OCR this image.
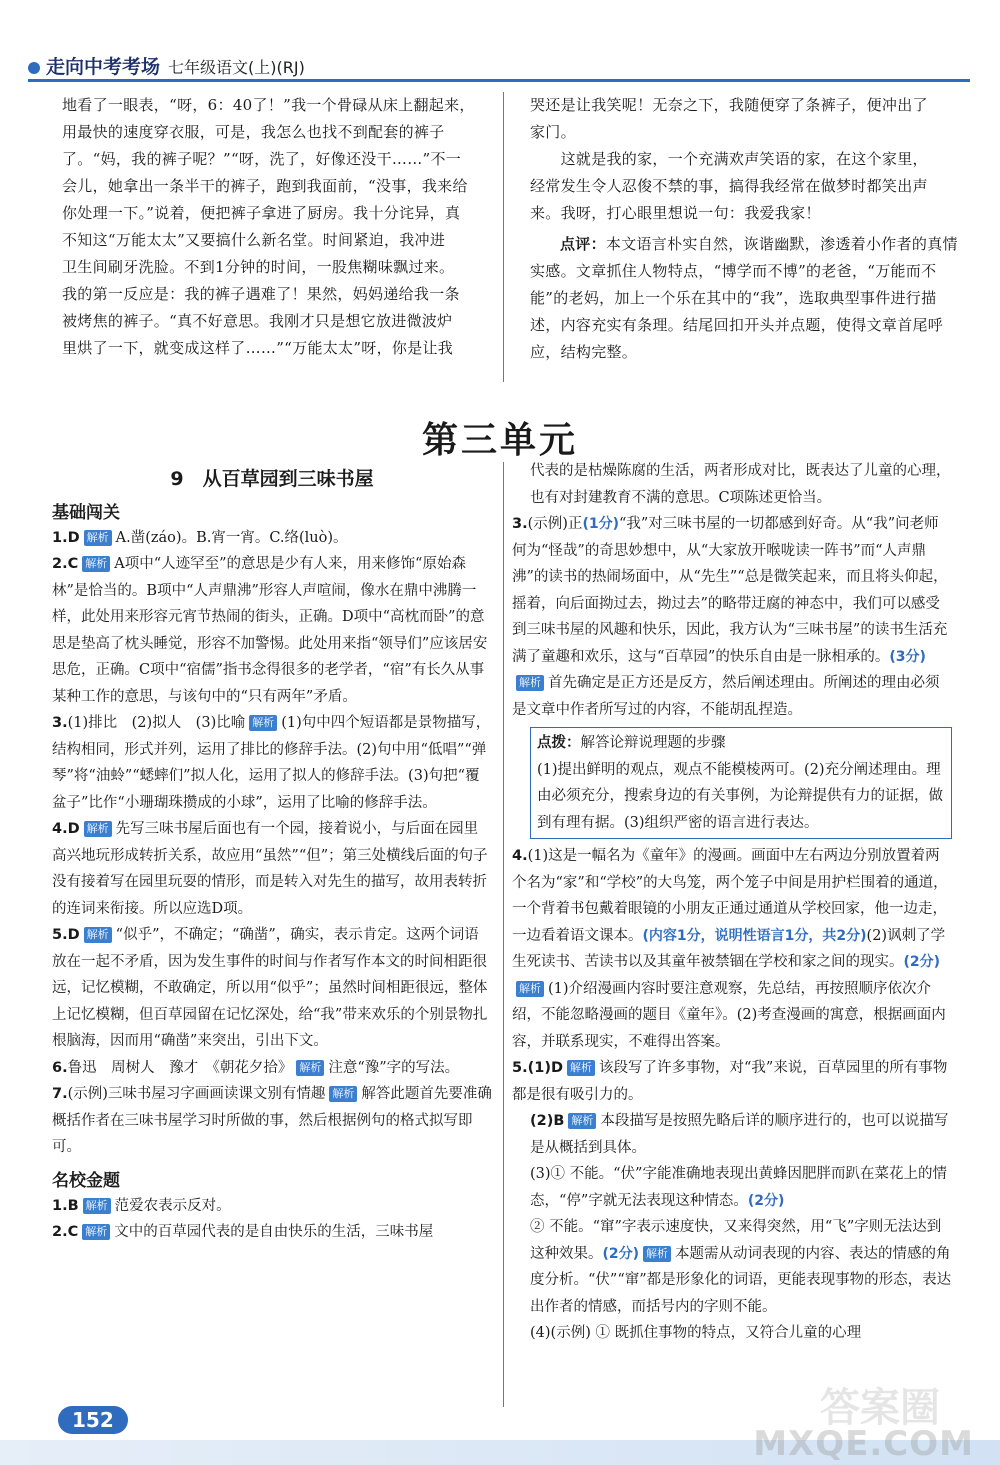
走向中考考场 七年级语文(上)(RJ)

地看了一眼表，“呀，6：40了！”我一个骨碌从床上翻起来，

用最快的速度穿衣服，可是，我怎么也找不到配套的裤子

了。“妈，我的裤子呢？”“呀，洗了，好像还没干……”不一

会儿，她拿出一条半干的裤子，跑到我面前，“没事，我来给

你处理一下。”说着，便把裤子拿进了厨房。我十分诧异，真

不知这“万能太太”又要搞什么新名堂。时间紧迫，我冲进

卫生间刷牙洗脸。不到1分钟的时间，一股焦糊味飘过来。

我的第一反应是：我的裤子遇难了！果然，妈妈递给我一条

被烤焦的裤子。“真不好意思。我刚才只是想它放进微波炉

里烘了一下，就变成这样了……”“万能太太”呀，你是让我

哭还是让我笑呢！无奈之下，我随便穿了条裤子，便冲出了

家门。

　　这就是我的家，一个充满欢声笑语的家，在这个家里，

经常发生令人忍俊不禁的事，搞得我经常在做梦时都笑出声

来。我呀，打心眼里想说一句：我爱我家！

点评：本文语言朴实自然，诙谐幽默，渗透着小作者的真情实感。文章抓住人物特点，“博学而不博”的老爸，“万能而不能”的老妈，加上一个乐在其中的“我”，选取典型事件进行描述，内容充实有条理。结尾回扣开头并点题，使得文章首尾呼应，结构完整。

第三单元
9　 从百草园到三味书屋
基础闯关

1.D 解析 A.凿(záo)。B.宵一宵。C.络(luò)。

2.C 解析 A项中“人迹罕至”的意思是少有人来，用来修饰“原始森林”是恰当的。B项中“人声鼎沸”形容人声喧闹，像水在鼎中沸腾一样，此处用来形容元宵节热闹的街头，正确。D项中“高枕而卧”的意思是垫高了枕头睡觉，形容不加警惕。此处用来指“领导们”应该居安思危，正确。C项中“宿儒”指书念得很多的老学者，“宿”有长久从事某种工作的意思，与该句中的“只有两年”矛盾。

3.(1)排比　(2)拟人　(3)比喻 解析 (1)句中四个短语都是景物描写，结构相同，形式并列，运用了排比的修辞手法。(2)句中用“低唱”“弹琴”将“油蛉”“蟋蟀们”拟人化，运用了拟人的修辞手法。(3)句把“覆盆子”比作“小珊瑚珠攒成的小球”，运用了比喻的修辞手法。

4.D 解析 先写三味书屋后面也有一个园，接着说小，与后面在园里高兴地玩形成转折关系，故应用“虽然”“但”；第三处横线后面的句子没有接着写在园里玩耍的情形，而是转入对先生的描写，故用表转折的连词来衔接。所以应选D项。

5.D 解析 “似乎”，不确定；“确凿”，确实，表示肯定。这两个词语放在一起不矛盾，因为发生事件的时间与作者写作本文的时间相距很远，记忆模糊，不敢确定，所以用“似乎”；虽然时间相距很远，整体上记忆模糊，但百草园留在记忆深处，给“我”带来欢乐的个别景物扎根脑海，因而用“确凿”来突出，引出下文。

6.鲁迅　周树人　豫才　《朝花夕拾》 解析 注意“豫”字的写法。

7.(示例)三味书屋习字画画读课文别有情趣 解析 解答此题首先要准确概括作者在三味书屋学习时所做的事，然后根据例句的格式拟写即可。

名校金题

1.B 解析 范爱农表示反对。

2.C 解析 文中的百草园代表的是自由快乐的生活，三味书屋

代表的是枯燥陈腐的生活，两者形成对比，既表达了儿童的心理，也有对封建教育不满的意思。C项陈述更恰当。

3.(示例)正(1分)“我”对三味书屋的一切都感到好奇。从“我”问老师何为“怪哉”的奇思妙想中，从“大家放开喉咙读一阵书”而“人声鼎沸”的读书的热闹场面中，从“先生”“总是微笑起来，而且将头仰起，摇着，向后面拗过去，拗过去”的略带迂腐的神态中，我们可以感受到三味书屋的风趣和快乐，因此，我方认为“三味书屋”的读书生活充满了童趣和欢乐，这与“百草园”的快乐自由是一脉相承的。(3分)解析 首先确定是正方还是反方，然后阐述理由。所阐述的理由必须是文章中作者所写过的内容，不能胡乱捏造。

点拨：解答论辩说理题的步骤
(1)提出鲜明的观点，观点不能模棱两可。(2)充分阐述理由。理由必须充分，搜索身边的有关事例，为论辩提供有力的证据，做到有理有据。(3)组织严密的语言进行表达。

4.(1)这是一幅名为《童年》的漫画。画面中左右两边分别放置着两个名为“家”和“学校”的大鸟笼，两个笼子中间是用护栏围着的通道，一个背着书包戴着眼镜的小朋友正通过通道从学校回家，他一边走，一边看着语文课本。(内容1分，说明性语言1分，共2分)(2)讽刺了学生死读书、苦读书以及其童年被禁锢在学校和家之间的现实。(2分)解析 (1)介绍漫画内容时要注意观察，先总结，再按照顺序依次介绍，不能忽略漫画的题目《童年》。(2)考查漫画的寓意，根据画面内容，并联系现实，不难得出答案。

5.(1)D 解析 该段写了许多事物，对“我”来说，百草园里的所有事物都是很有吸引力的。

(2)B 解析 本段描写是按照先略后详的顺序进行的，也可以说描写是从概括到具体。

(3)① 不能。“伏”字能准确地表现出黄蜂因肥胖而趴在菜花上的情态，“停”字就无法表现这种情态。(2分)

② 不能。“窜”字表示速度快，又来得突然，用“飞”字则无法达到这种效果。(2分) 解析 本题需从动词表现的内容、表达的情感的角度分析。“伏”“窜”都是形象化的词语，更能表现事物的形态，表达出作者的情感，而括号内的字则不能。

(4)(示例) ① 既抓住事物的特点，又符合儿童的心理

152	答案圈
MXQE.COM
